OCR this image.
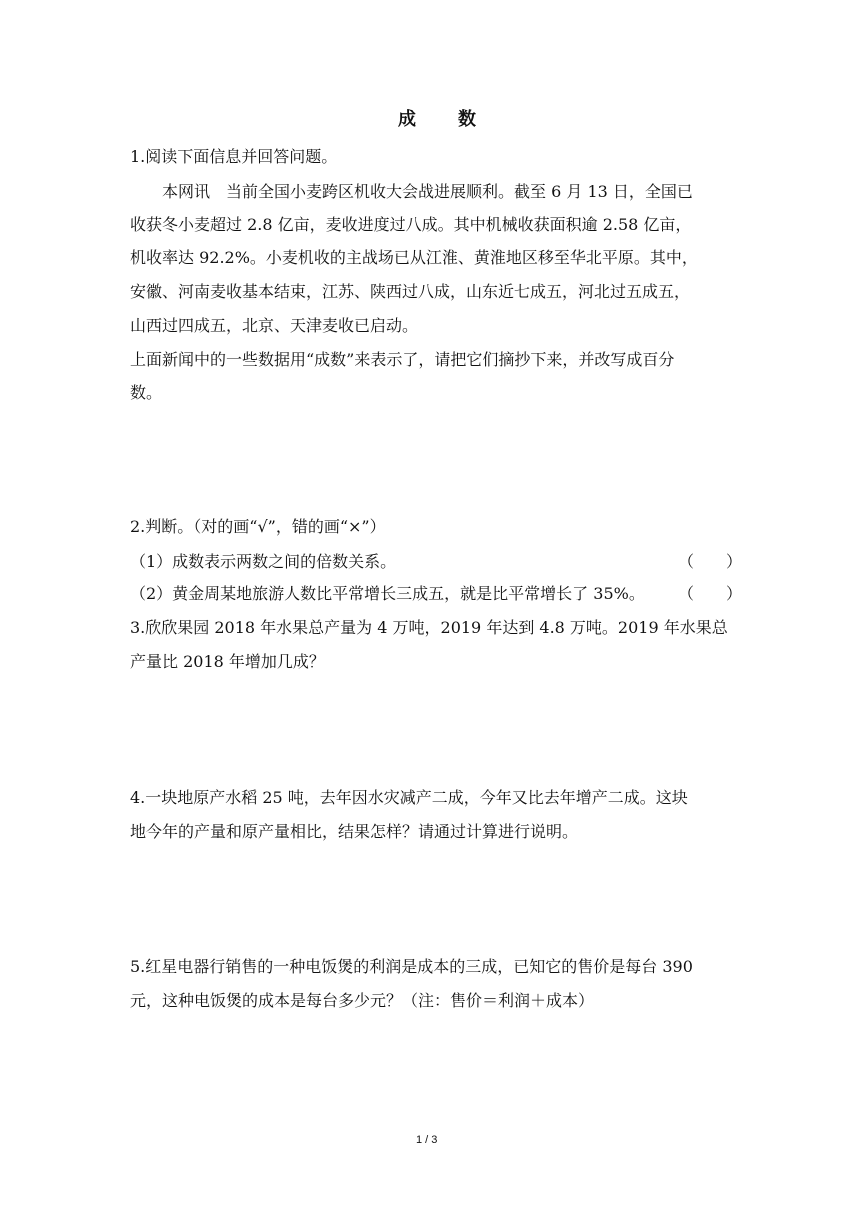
成　　数
1.阅读下面信息并回答问题。
本网讯　当前全国小麦跨区机收大会战进展顺利。截至 6 月 13 日，全国已
收获冬小麦超过 2.8 亿亩，麦收进度过八成。其中机械收获面积逾 2.58 亿亩，
机收率达 92.2%。小麦机收的主战场已从江淮、黄淮地区移至华北平原。其中，
安徽、河南麦收基本结束，江苏、陕西过八成，山东近七成五，河北过五成五，
山西过四成五，北京、天津麦收已启动。
上面新闻中的一些数据用“成数”来表示了，请把它们摘抄下来，并改写成百分
数。
2.判断。（对的画“√”，错的画“×”）
（1）成数表示两数之间的倍数关系。	（　　）
（2）黄金周某地旅游人数比平常增长三成五，就是比平常增长了 35%。 （　　）
3.欣欣果园 2018 年水果总产量为 4 万吨，2019 年达到 4.8 万吨。2019 年水果总
产量比 2018 年增加几成？
4.一块地原产水稻 25 吨，去年因水灾减产二成，今年又比去年增产二成。这块
地今年的产量和原产量相比，结果怎样？请通过计算进行说明。
5.红星电器行销售的一种电饭煲的利润是成本的三成，已知它的售价是每台 390
元，这种电饭煲的成本是每台多少元？（注：售价＝利润＋成本）
1 / 3
